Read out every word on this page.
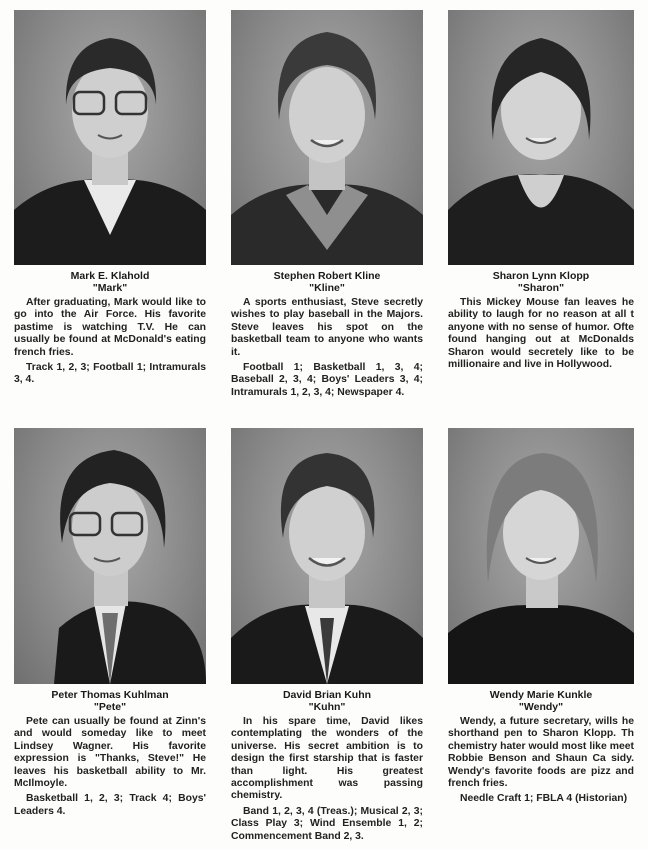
Mark E. Klahold
"Mark"

After graduating, Mark would like to go into the Air Force. His favorite pastime is watching T.V. He can usually be found at McDonald's eating french fries.

Track 1, 2, 3; Football 1; Intramurals 3, 4.

Stephen Robert Kline
"Kline"

A sports enthusiast, Steve secretly wishes to play baseball in the Majors. Steve leaves his spot on the basketball team to anyone who wants it.

Football 1; Basketball 1, 3, 4; Baseball 2, 3, 4; Boys' Leaders 3, 4; Intramurals 1, 2, 3, 4; Newspaper 4.

Sharon Lynn Klopp
"Sharon"

This Mickey Mouse fan leaves he ability to laugh for no reason at all t anyone with no sense of humor. Ofte found hanging out at McDonalds Sharon would secretely like to be millionaire and live in Hollywood.

Peter Thomas Kuhlman
"Pete"

Pete can usually be found at Zinn's and would someday like to meet Lindsey Wagner. His favorite expression is "Thanks, Steve!" He leaves his basketball ability to Mr. McIlmoyle.

Basketball 1, 2, 3; Track 4; Boys' Leaders 4.

David Brian Kuhn
"Kuhn"

In his spare time, David likes contemplating the wonders of the universe. His secret ambition is to design the first starship that is faster than light. His greatest accomplishment was passing chemistry.

Band 1, 2, 3, 4 (Treas.); Musical 2, 3; Class Play 3; Wind Ensemble 1, 2; Commencement Band 2, 3.

Wendy Marie Kunkle
"Wendy"

Wendy, a future secretary, wills he shorthand pen to Sharon Klopp. Th chemistry hater would most like meet Robbie Benson and Shaun Ca sidy. Wendy's favorite foods are pizz and french fries.

Needle Craft 1; FBLA 4 (Historian)
